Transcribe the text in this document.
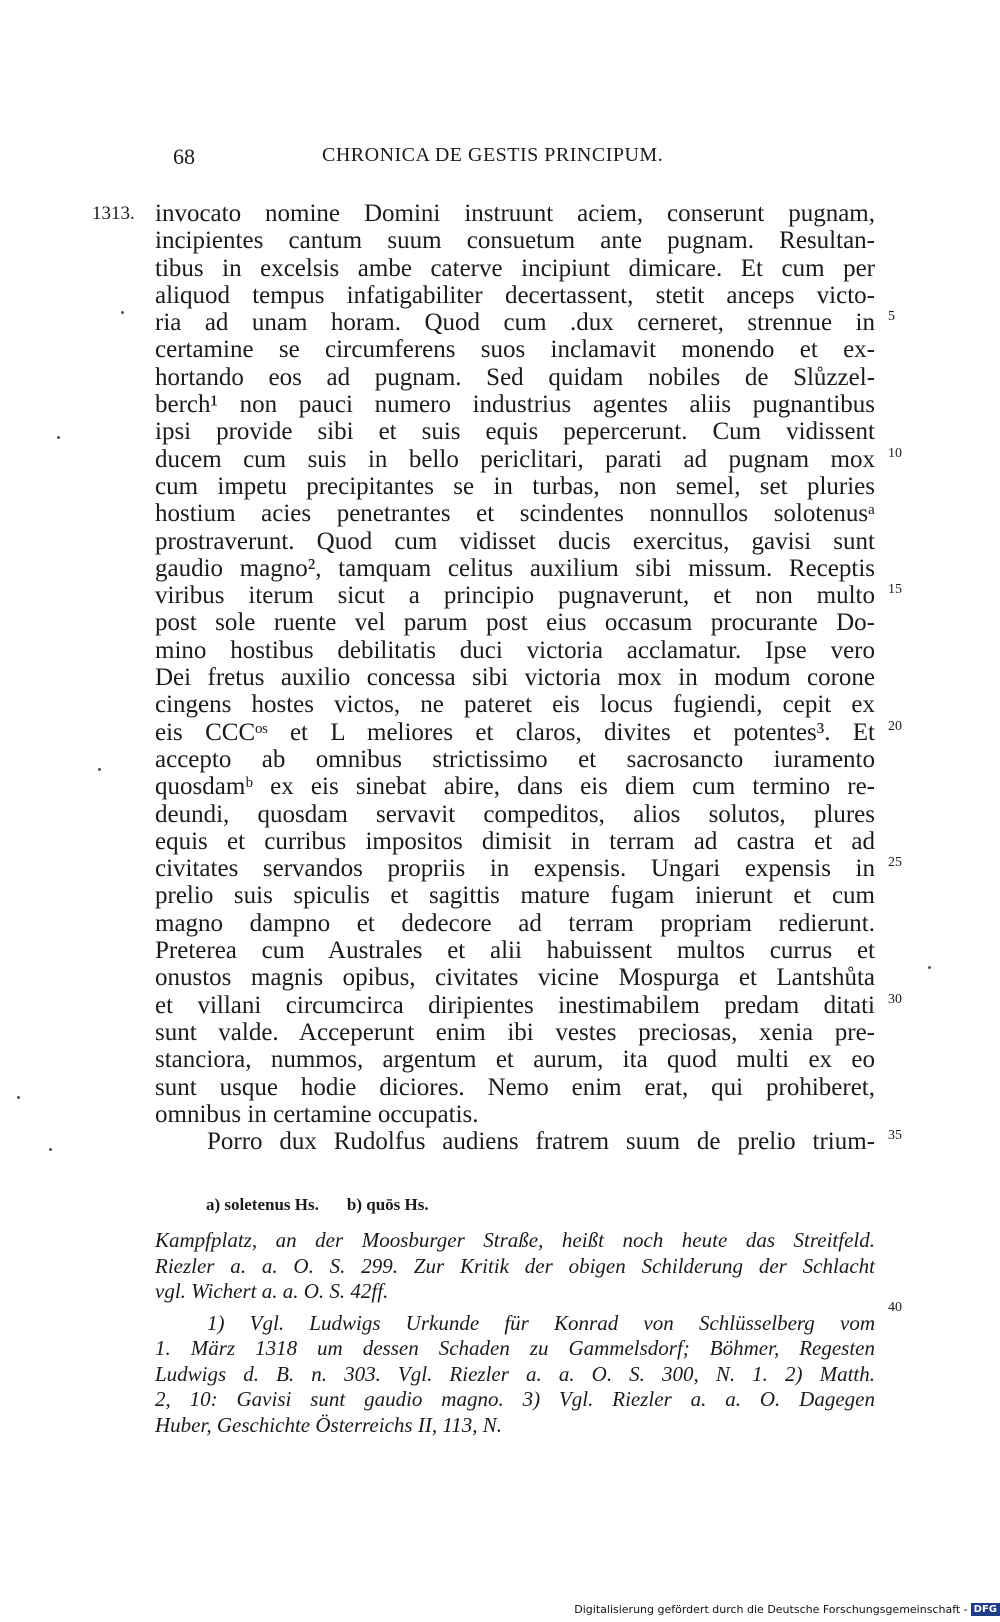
68	CHRONICA DE GESTIS PRINCIPUM.
1313. invocato nomine Domini instruunt aciem, conserunt pugnam,
incipientes cantum suum consuetum ante pugnam. Resultan-
tibus in excelsis ambe caterve incipiunt dimicare. Et cum per
aliquod tempus infatigabiliter decertassent, stetit anceps victo-
ria ad unam horam. Quod cum .dux cerneret, strennue in
certamine se circumferens suos inclamavit monendo et ex-
hortando eos ad pugnam. Sed quidam nobiles de Slůzzel-
berch¹ non pauci numero industrius agentes aliis pugnantibus
ipsi provide sibi et suis equis pepercerunt. Cum vidissent
ducem cum suis in bello periclitari, parati ad pugnam mox
cum impetu precipitantes se in turbas, non semel, set pluries
hostium acies penetrantes et scindentes nonnullos solotenusᵃ
prostraverunt. Quod cum vidisset ducis exercitus, gavisi sunt
gaudio magno², tamquam celitus auxilium sibi missum. Receptis
viribus iterum sicut a principio pugnaverunt, et non multo
post sole ruente vel parum post eius occasum procurante Do-
mino hostibus debilitatis duci victoria acclamatur. Ipse vero
Dei fretus auxilio concessa sibi victoria mox in modum corone
cingens hostes victos, ne pateret eis locus fugiendi, cepit ex
eis CCCᵒˢ et L meliores et claros, divites et potentes³. Et
accepto ab omnibus strictissimo et sacrosancto iuramento
quosdamᵇ ex eis sinebat abire, dans eis diem cum termino re-
deundi, quosdam servavit compeditos, alios solutos, plures
equis et curribus impositos dimisit in terram ad castra et ad
civitates servandos propriis in expensis. Ungari expensis in
prelio suis spiculis et sagittis mature fugam inierunt et cum
magno dampno et dedecore ad terram propriam redierunt.
Preterea cum Australes et alii habuissent multos currus et
onustos magnis opibus, civitates vicine Mospurga et Lantshůta
et villani circumcirca diripientes inestimabilem predam ditati
sunt valde. Acceperunt enim ibi vestes preciosas, xenia pre-
stanciora, nummos, argentum et aurum, ita quod multi ex eo
sunt usque hodie diciores. Nemo enim erat, qui prohiberet,
omnibus in certamine occupatis.
Porro dux Rudolfus audiens fratrem suum de prelio trium-
5
10
15
20
25
30
35
a) soletenus Hs. b) quōs Hs.
Kampfplatz, an der Moosburger Straße, heißt noch heute das Streitfeld.
Riezler a. a. O. S. 299. Zur Kritik der obigen Schilderung der Schlacht
vgl. Wichert a. a. O. S. 42ff.
1) Vgl. Ludwigs Urkunde für Konrad von Schlüsselberg vom
1. März 1318 um dessen Schaden zu Gammelsdorf; Böhmer, Regesten
Ludwigs d. B. n. 303. Vgl. Riezler a. a. O. S. 300, N. 1. 2) Matth.
2, 10: Gavisi sunt gaudio magno. 3) Vgl. Riezler a. a. O. Dagegen
Huber, Geschichte Österreichs II, 113, N.
40
Digitalisierung gefördert durch die Deutsche Forschungsgemeinschaft - DFG
